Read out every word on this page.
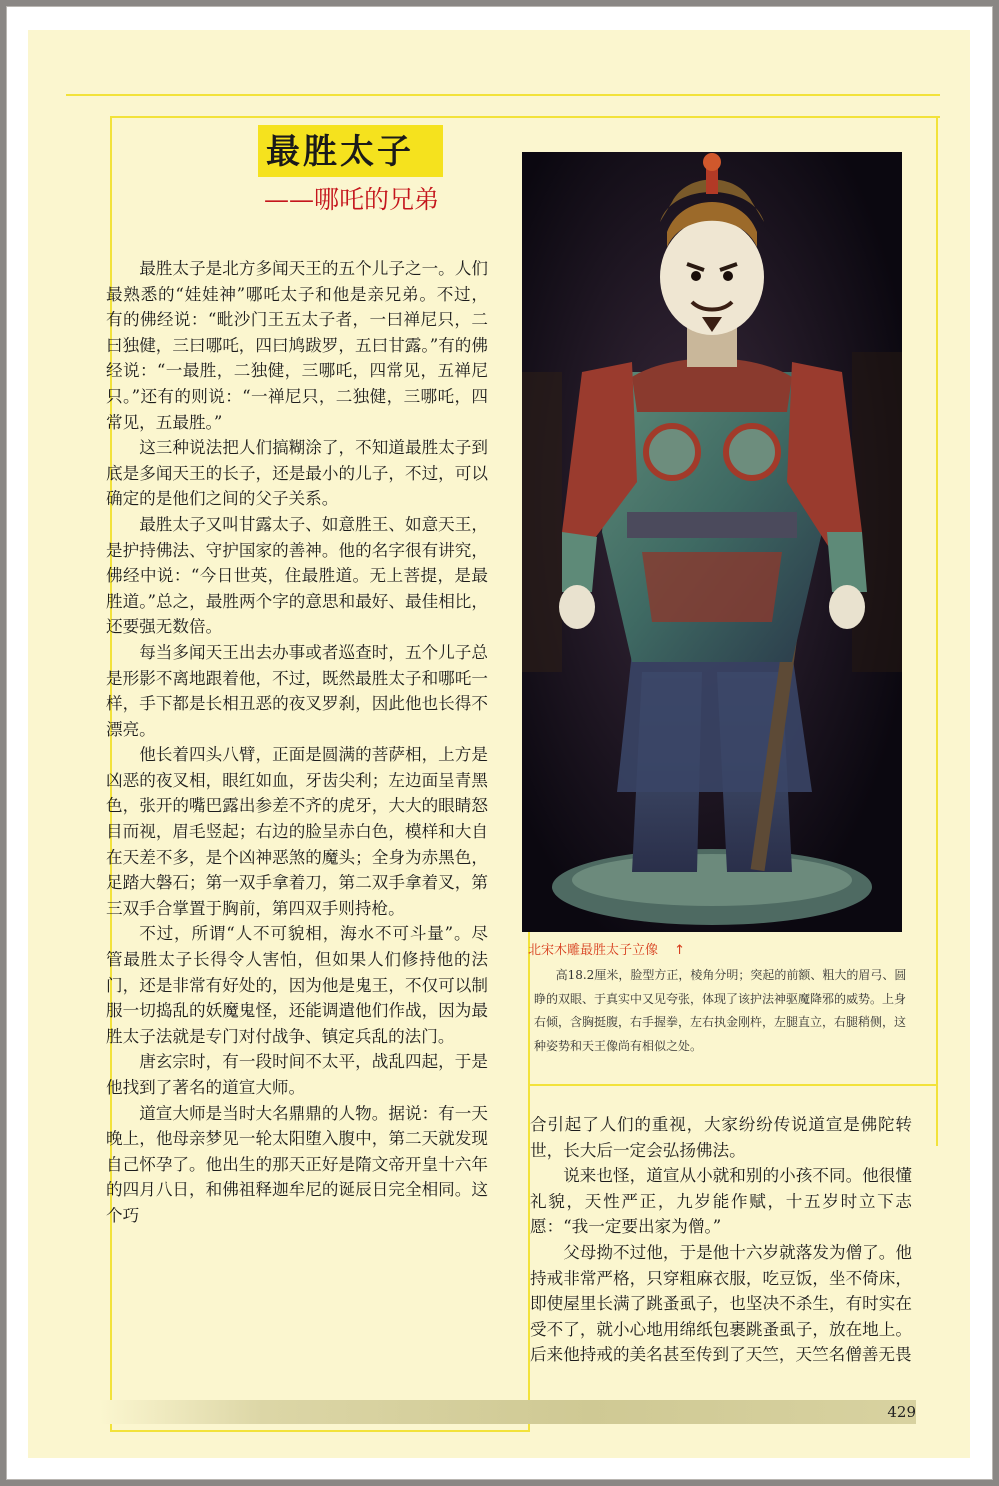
最胜太子
——哪吒的兄弟

最胜太子是北方多闻天王的五个儿子之一。人们最熟悉的“娃娃神”哪吒太子和他是亲兄弟。不过，有的佛经说：“毗沙门王五太子者，一曰禅尼只，二曰独健，三曰哪吒，四曰鸠跋罗，五曰甘露。”有的佛经说：“一最胜，二独健，三哪吒，四常见，五禅尼只。”还有的则说：“一禅尼只，二独健，三哪吒，四常见，五最胜。”

这三种说法把人们搞糊涂了，不知道最胜太子到底是多闻天王的长子，还是最小的儿子，不过，可以确定的是他们之间的父子关系。

最胜太子又叫甘露太子、如意胜王、如意天王，是护持佛法、守护国家的善神。他的名字很有讲究，佛经中说：“今日世英，住最胜道。无上菩提，是最胜道。”总之，最胜两个字的意思和最好、最佳相比，还要强无数倍。

每当多闻天王出去办事或者巡查时，五个儿子总是形影不离地跟着他，不过，既然最胜太子和哪吒一样，手下都是长相丑恶的夜叉罗刹，因此他也长得不漂亮。

他长着四头八臂，正面是圆满的菩萨相，上方是凶恶的夜叉相，眼红如血，牙齿尖利；左边面呈青黑色，张开的嘴巴露出参差不齐的虎牙，大大的眼睛怒目而视，眉毛竖起；右边的脸呈赤白色，模样和大自在天差不多，是个凶神恶煞的魔头；全身为赤黑色，足踏大磐石；第一双手拿着刀，第二双手拿着叉，第三双手合掌置于胸前，第四双手则持枪。

不过，所谓“人不可貌相，海水不可斗量”。尽管最胜太子长得令人害怕，但如果人们修持他的法门，还是非常有好处的，因为他是鬼王，不仅可以制服一切捣乱的妖魔鬼怪，还能调遣他们作战，因为最胜太子法就是专门对付战争、镇定兵乱的法门。

唐玄宗时，有一段时间不太平，战乱四起，于是他找到了著名的道宣大师。

道宣大师是当时大名鼎鼎的人物。据说：有一天晚上，他母亲梦见一轮太阳堕入腹中，第二天就发现自己怀孕了。他出生的那天正好是隋文帝开皇十六年的四月八日，和佛祖释迦牟尼的诞辰日完全相同。这个巧

北宋木雕最胜太子立像 ↑
高18.2厘米，脸型方正，棱角分明；突起的前额、粗大的眉弓、圆睁的双眼、于真实中又见夸张，体现了该护法神驱魔降邪的威势。上身右倾，含胸挺腹，右手握拳，左右执金刚杵，左腿直立，右腿稍侧，这种姿势和天王像尚有相似之处。

合引起了人们的重视，大家纷纷传说道宣是佛陀转世，长大后一定会弘扬佛法。

说来也怪，道宣从小就和别的小孩不同。他很懂礼貌，天性严正，九岁能作赋，十五岁时立下志愿：“我一定要出家为僧。”

父母拗不过他，于是他十六岁就落发为僧了。他持戒非常严格，只穿粗麻衣服，吃豆饭，坐不倚床，即使屋里长满了跳蚤虱子，也坚决不杀生，有时实在受不了，就小心地用绵纸包裹跳蚤虱子，放在地上。后来他持戒的美名甚至传到了天竺，天竺名僧善无畏

429
